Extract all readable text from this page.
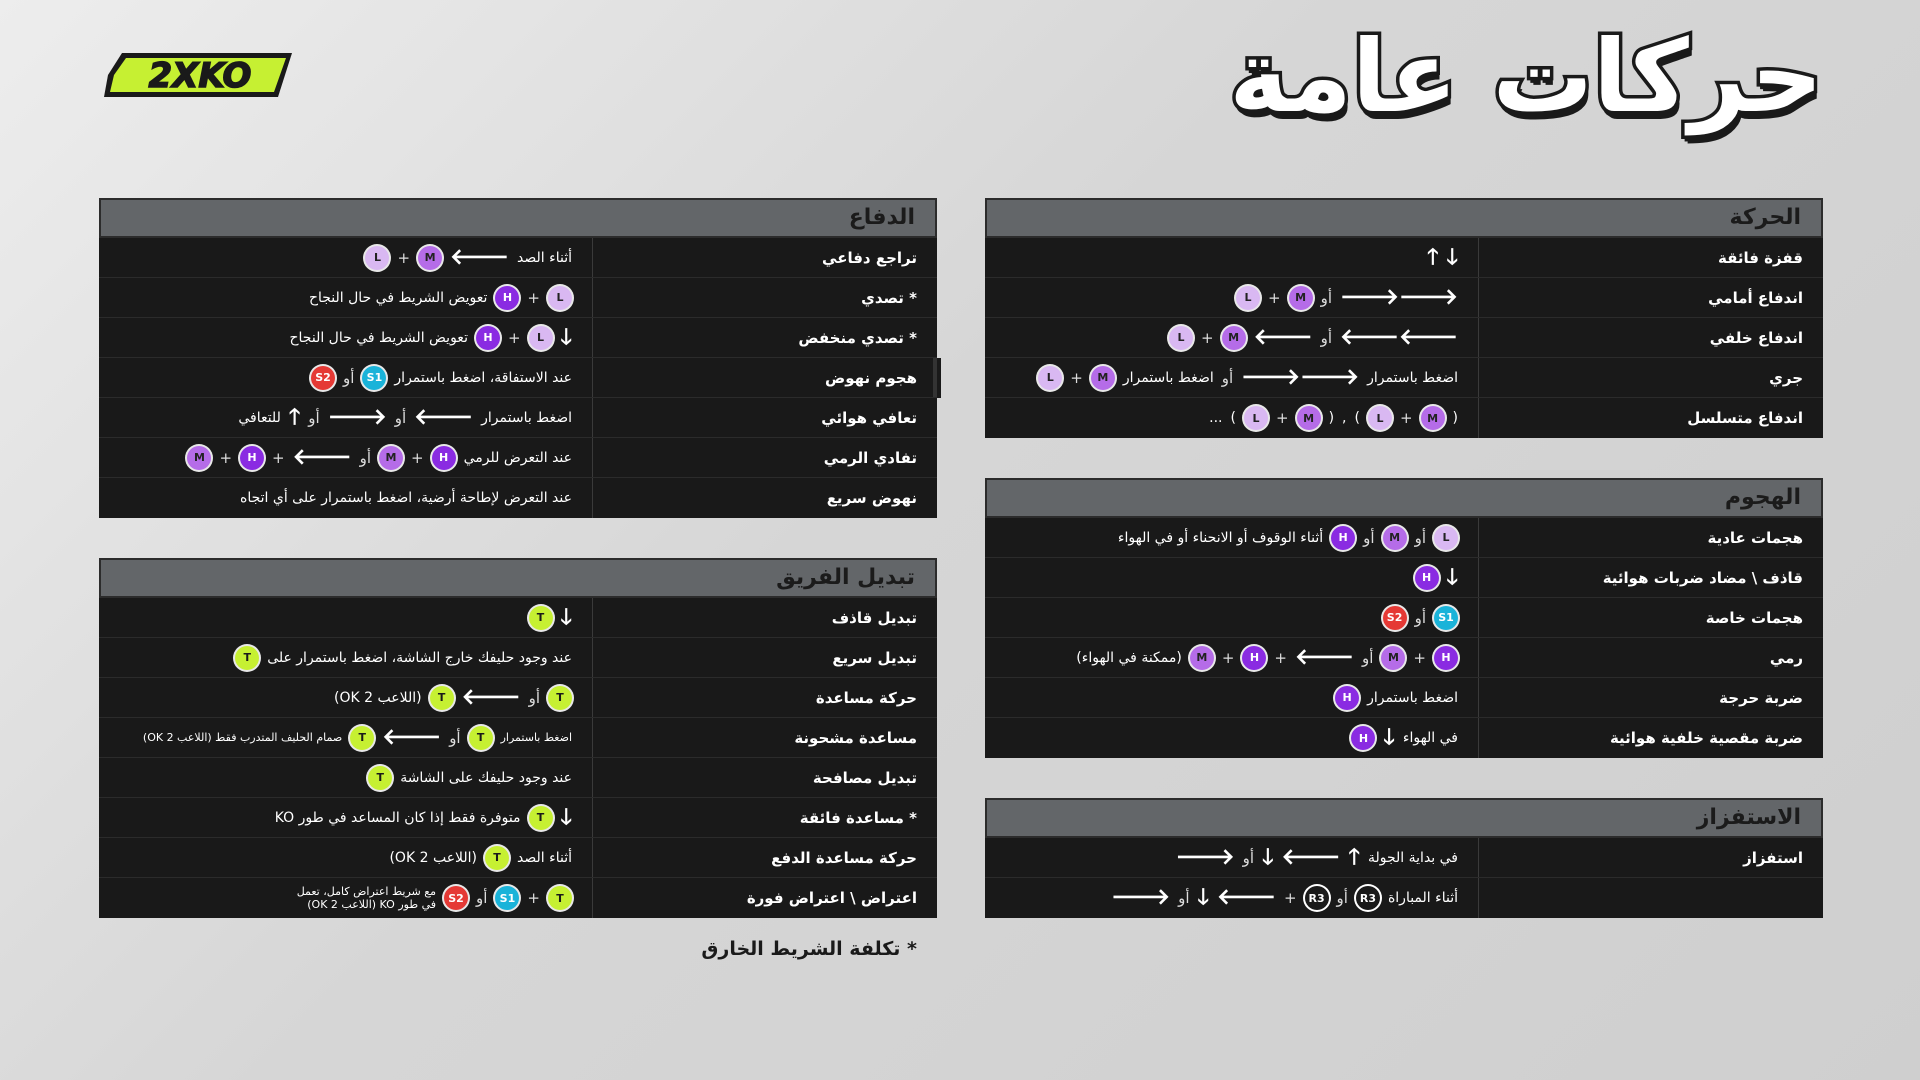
2XKO	حركات عامة
الحركة
قفزة فائقة
🡓
🡑
اندفاع أمامي
🡒🡒
أو
M
+
L
اندفاع خلفي
🡐🡐
أو
🡐
M
+
L
جري
اضغط باستمرار
🡒🡒
أو
اضغط باستمرار
M
+
L
اندفاع متسلسل
(
M
+
L
)
,
(
M
+
L
)
...
الهجوم
هجمات عادية
L
أو
M
أو
H
أثناء الوقوف أو الانحناء أو في الهواء
قاذف \ مضاد ضربات هوائية
🡓
H
هجمات خاصة
S1
أو
S2
رمي
H
+
M
أو
🡐
+
H
+
M
(ممكنة في الهواء)
ضربة حرجة
اضغط باستمرار
H
ضربة مقصية خلفية هوائية
في الهواء
🡓
H
الاستفزاز
استفزاز
في بداية الجولة
🡑
🡐
🡓
أو
🡒
أثناء المباراة
R3
أو
R3
+
🡐
🡓
أو
🡒
الدفاع
تراجع دفاعي
أثناء الصد
🡐
M
+
L
* تصدي
L
+
H
تعويض الشريط في حال النجاح
* تصدي منخفض
🡓
L
+
H
تعويض الشريط في حال النجاح
هجوم نهوض
عند الاستفاقة، اضغط باستمرار
S1
أو
S2
تعافي هوائي
اضغط باستمرار
🡐
أو
🡒
أو
🡑
للتعافي
تفادي الرمي
عند التعرض للرمي
H
+
M
أو
🡐
+
H
+
M
نهوض سريع
عند التعرض لإطاحة أرضية، اضغط باستمرار على أي اتجاه
تبديل الفريق
تبديل قاذف
🡓
T
تبديل سريع
عند وجود حليفك خارج الشاشة، اضغط باستمرار على
T
حركة مساعدة
T
أو
🡐
T
(اللاعب 2 OK)
مساعدة مشحونة
اضغط باستمرار
T
أو
🡐
T
صمام الحليف المتدرب فقط (اللاعب 2 OK)
تبديل مصافحة
عند وجود حليفك على الشاشة
T
* مساعدة فائقة
🡓
T
متوفرة فقط إذا كان المساعد في طور KO
حركة مساعدة الدفع
أثناء الصد
T
(اللاعب 2 OK)
اعتراض \ اعتراض فورة
T
+
S1
أو
S2
مع شريط اعتراض كامل، تعمل
في طور KO (اللاعب 2 OK)
* تكلفة الشريط الخارق
